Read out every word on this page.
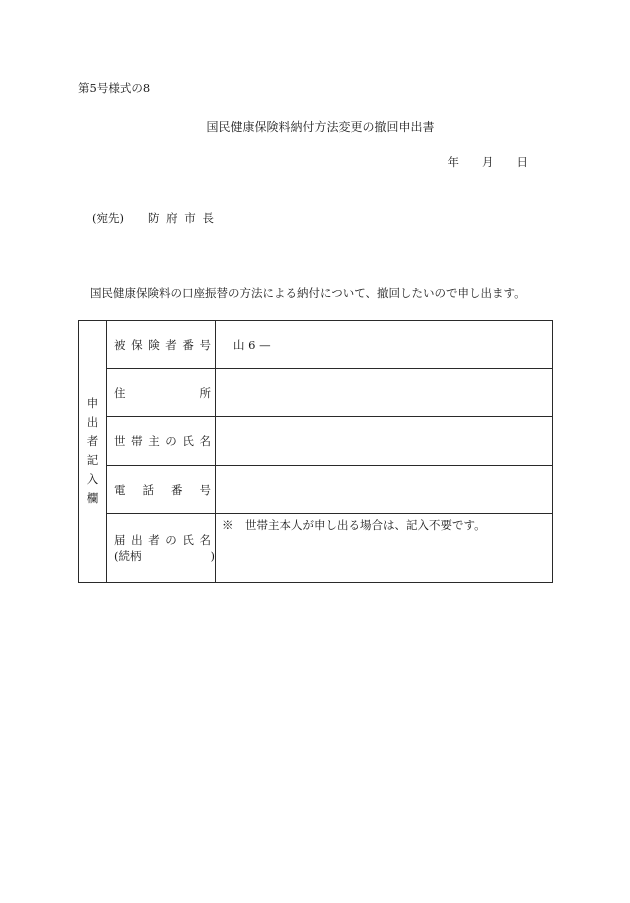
第5号様式の8
国民健康保険料納付方法変更の撤回申出書
年　　月　　日
(宛先) 防 府 市 長
国民健康保険料の口座振替の方法による納付について、撤回したいので申し出ます。
申出者記入欄	被 保 険 者 番 号	山 6 —

	住　　　　　　所	

	世 帯 主 の 氏 名	

	電　話　番　号	

	届 出 者 の 氏 名
(続柄　　　　　　)	※　世帯主本人が申し出る場合は、記入不要です。
